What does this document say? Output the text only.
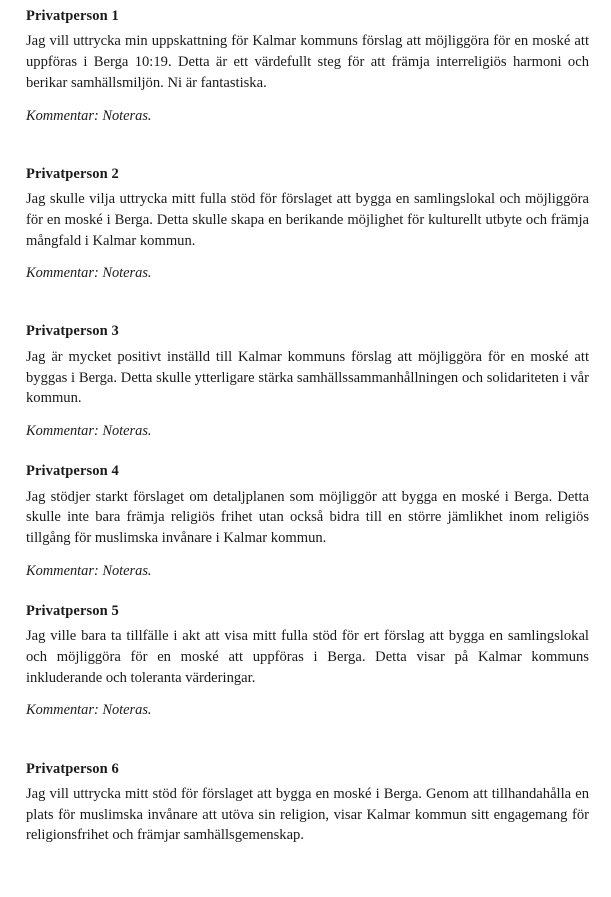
Privatperson 1

Jag vill uttrycka min uppskattning för Kalmar kommuns förslag att möjliggöra för en moské att uppföras i Berga 10:19. Detta är ett värdefullt steg för att främja interreligiös harmoni och berikar samhällsmiljön. Ni är fantastiska.

Kommentar: Noteras.

Privatperson 2

Jag skulle vilja uttrycka mitt fulla stöd för förslaget att bygga en samlingslokal och möjliggöra för en moské i Berga. Detta skulle skapa en berikande möjlighet för kulturellt utbyte och främja mångfald i Kalmar kommun.

Kommentar: Noteras.

Privatperson 3

Jag är mycket positivt inställd till Kalmar kommuns förslag att möjliggöra för en moské att byggas i Berga. Detta skulle ytterligare stärka samhällssammanhållningen och solidariteten i vår kommun.

Kommentar: Noteras.

Privatperson 4

Jag stödjer starkt förslaget om detaljplanen som möjliggör att bygga en moské i Berga. Detta skulle inte bara främja religiös frihet utan också bidra till en större jämlikhet inom religiös tillgång för muslimska invånare i Kalmar kommun.

Kommentar: Noteras.

Privatperson 5

Jag ville bara ta tillfälle i akt att visa mitt fulla stöd för ert förslag att bygga en samlingslokal och möjliggöra för en moské att uppföras i Berga. Detta visar på Kalmar kommuns inkluderande och toleranta värderingar.

Kommentar: Noteras.

Privatperson 6

Jag vill uttrycka mitt stöd för förslaget att bygga en moské i Berga. Genom att tillhandahålla en plats för muslimska invånare att utöva sin religion, visar Kalmar kommun sitt engagemang för religionsfrihet och främjar samhällsgemenskap.
